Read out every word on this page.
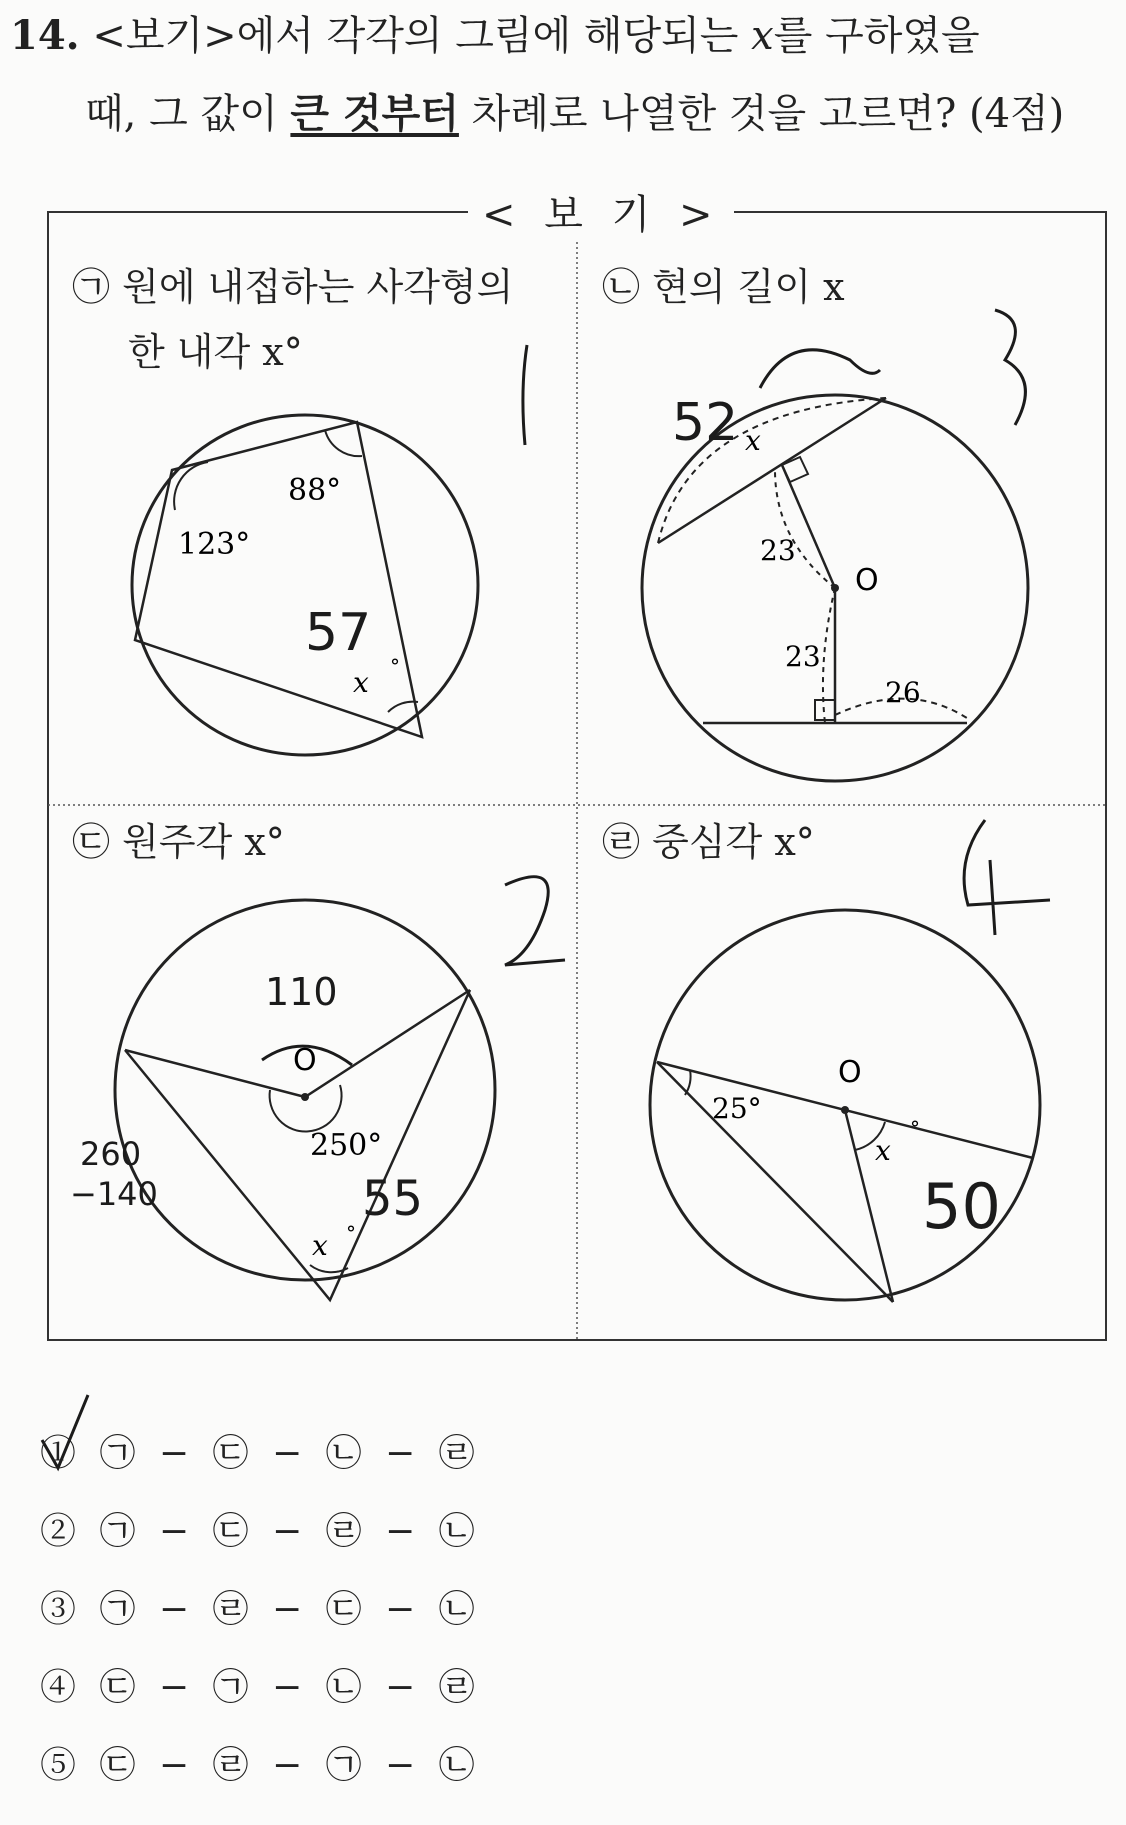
14. <보기>에서 각각의 그림에 해당되는 x를 구하였을
때, 그 값이 큰 것부터 차례로 나열한 것을 고르면? (4점)
88°
123°
x °
57
O
23
23
26
x
52
O
250°
x °
110
260
−140	55
O
25°
x
°
50
< 보 기 >
㉠ 원에 내접하는 사각형의
한 내각 x°
㉡ 현의 길이 x
㉢ 원주각 x°	㉣ 중심각 x°
① ㉠ − ㉢ − ㉡ − ㉣
② ㉠ − ㉢ − ㉣ − ㉡
③ ㉠ − ㉣ − ㉢ − ㉡
④ ㉢ − ㉠ − ㉡ − ㉣
⑤ ㉢ − ㉣ − ㉠ − ㉡
